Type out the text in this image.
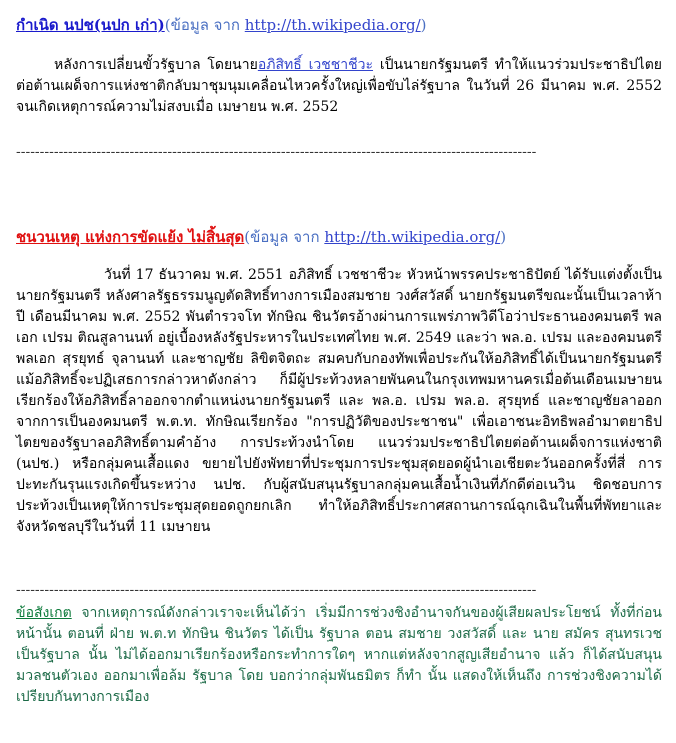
กำเนิด นปช(นปก เก่า)(ข้อมูล จาก http://th.wikipedia.org/)

หลังการเปลี่ยนขั้วรัฐบาล โดยนายอภิสิทธิ์ เวชชาชีวะ เป็นนายกรัฐมนตรี ทำให้แนวร่วมประชาธิปไตยต่อต้านเผด็จการแห่งชาติกลับมาชุมนุมเคลื่อนไหวครั้งใหญ่เพื่อขับไล่รัฐบาล ในวันที่ 26 มีนาคม พ.ศ. 2552 จนเกิดเหตุการณ์ความไม่สงบเมื่อ เมษายน พ.ศ. 2552

--------------------------------------------------------------------------------------------------------------
ชนวนเหตุ แห่งการขัดแย้ง ไม่สิ้นสุด(ข้อมูล จาก http://th.wikipedia.org/)

วันที่ 17 ธันวาคม พ.ศ. 2551 อภิสิทธิ์ เวชชาชีวะ หัวหน้าพรรคประชาธิปัตย์ ได้รับแต่งตั้งเป็นนายกรัฐมนตรี หลังศาลรัฐธรรมนูญตัดสิทธิ์ทางการเมืองสมชาย วงศ์สวัสดิ์ นายกรัฐมนตรีขณะนั้นเป็นเวลาห้าปี เดือนมีนาคม พ.ศ. 2552 พันตำรวจโท ทักษิณ ชินวัตรอ้างผ่านการแพร่ภาพวิดีโอว่าประธานองคมนตรี พลเอก เปรม ติณสูลานนท์ อยู่เบื้องหลังรัฐประหารในประเทศไทย พ.ศ. 2549 และว่า พล.อ. เปรม และองคมนตรี พลเอก สุรยุทธ์ จุลานนท์ และชาญชัย ลิขิตจิตถะ สมคบกับกองทัพเพื่อประกันให้อภิสิทธิ์ได้เป็นนายกรัฐมนตรี แม้อภิสิทธิ์จะปฏิเสธการกล่าวหาดังกล่าว ก็มีผู้ประท้วงหลายพันคนในกรุงเทพมหานครเมื่อต้นเดือนเมษายน เรียกร้องให้อภิสิทธิ์ลาออกจากตำแหน่งนายกรัฐมนตรี และ พล.อ. เปรม พล.อ. สุรยุทธ์ และชาญชัยลาออกจากการเป็นองคมนตรี พ.ต.ท. ทักษิณเรียกร้อง "การปฏิวัติของประชาชน" เพื่อเอาชนะอิทธิพลอำมาตยาธิปไตยของรัฐบาลอภิสิทธิ์ตามคำอ้าง การประท้วงนำโดย แนวร่วมประชาธิปไตยต่อต้านเผด็จการแห่งชาติ (นปช.) หรือกลุ่มคนเสื้อแดง ขยายไปยังพัทยาที่ประชุมการประชุมสุดยอดผู้นำเอเชียตะวันออกครั้งที่สี่ การปะทะกันรุนแรงเกิดขึ้นระหว่าง นปช. กับผู้สนับสนุนรัฐบาลกลุ่มคนเสื้อน้ำเงินที่ภักดีต่อเนวิน ชิดชอบการประท้วงเป็นเหตุให้การประชุมสุดยอดถูกยกเลิก ทำให้อภิสิทธิ์ประกาศสถานการณ์ฉุกเฉินในพื้นที่พัทยาและจังหวัดชลบุรีในวันที่ 11 เมษายน

--------------------------------------------------------------------------------------------------------------

ข้อสังเกต จากเหตุการณ์ดังกล่าวเราจะเห็นได้ว่า เริ่มมีการช่วงชิงอำนาจกันของผู้เสียผลประโยชน์ ทั้งที่ก่อนหน้านั้น ตอนที่ ฝ่าย พ.ต.ท ทักษิน ชินวัตร ได้เป็น รัฐบาล ตอน สมชาย วงสวัสดิ์ และ นาย สมัคร สุนทรเวช เป็นรัฐบาล นั้น ไม่ได้ออกมาเรียกร้องหรือกระทำการใดๆ หากแต่หลังจากสูญเสียอำนาจ แล้ว ก็ได้สนับสนุนมวลชนตัวเอง ออกมาเพื่อล้ม รัฐบาล โดย บอกว่ากลุ่มพันธมิตร ก็ทำ นั้น แสดงให้เห็นถึง การช่วงชิงความได้เปรียบกันทางการเมือง
